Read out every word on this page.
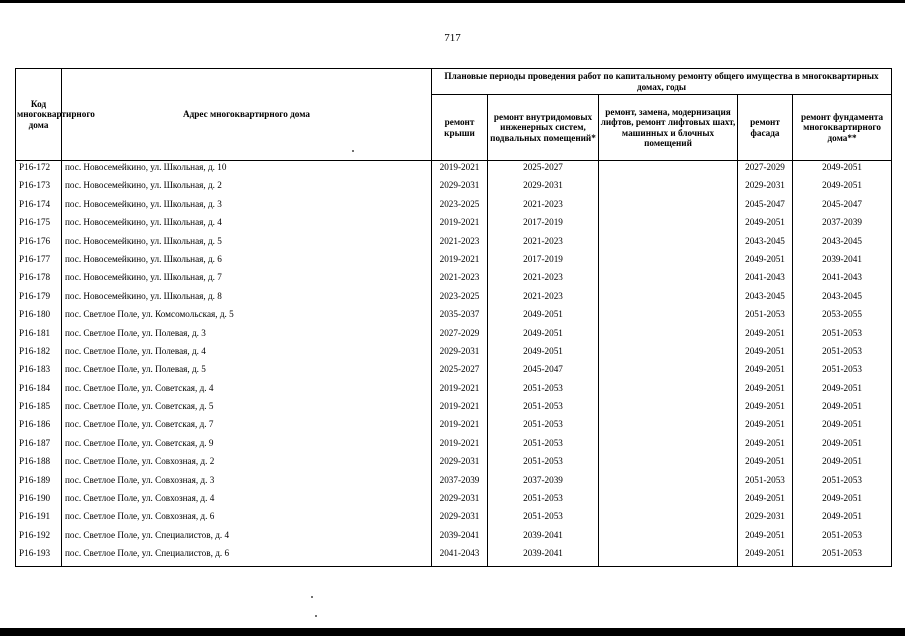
717
Код многоквартирного дома	Адрес многоквартирного дома	Плановые периоды проведения работ по капитальному ремонту общего имущества в многоквартирных домах, годы				
		ремонт крыши	ремонт внутридомовых инженерных систем, подвальных помещений*	ремонт, замена, модернизация лифтов, ремонт лифтовых шахт, машинных и блочных помещений	ремонт фасада	ремонт фундамента многоквартирного дома**
Р16-172	пос. Новосемейкино, ул. Школьная, д. 10	2019-2021	2025-2027		2027-2029	2049-2051
Р16-173	пос. Новосемейкино, ул. Школьная, д. 2	2029-2031	2029-2031		2029-2031	2049-2051
Р16-174	пос. Новосемейкино, ул. Школьная, д. 3	2023-2025	2021-2023		2045-2047	2045-2047
Р16-175	пос. Новосемейкино, ул. Школьная, д. 4	2019-2021	2017-2019		2049-2051	2037-2039
Р16-176	пос. Новосемейкино, ул. Школьная, д. 5	2021-2023	2021-2023		2043-2045	2043-2045
Р16-177	пос. Новосемейкино, ул. Школьная, д. 6	2019-2021	2017-2019		2049-2051	2039-2041
Р16-178	пос. Новосемейкино, ул. Школьная, д. 7	2021-2023	2021-2023		2041-2043	2041-2043
Р16-179	пос. Новосемейкино, ул. Школьная, д. 8	2023-2025	2021-2023		2043-2045	2043-2045
Р16-180	пос. Светлое Поле, ул. Комсомольская, д. 5	2035-2037	2049-2051		2051-2053	2053-2055
Р16-181	пос. Светлое Поле, ул. Полевая, д. 3	2027-2029	2049-2051		2049-2051	2051-2053
Р16-182	пос. Светлое Поле, ул. Полевая, д. 4	2029-2031	2049-2051		2049-2051	2051-2053
Р16-183	пос. Светлое Поле, ул. Полевая, д. 5	2025-2027	2045-2047		2049-2051	2051-2053
Р16-184	пос. Светлое Поле, ул. Советская, д. 4	2019-2021	2051-2053		2049-2051	2049-2051
Р16-185	пос. Светлое Поле, ул. Советская, д. 5	2019-2021	2051-2053		2049-2051	2049-2051
Р16-186	пос. Светлое Поле, ул. Советская, д. 7	2019-2021	2051-2053		2049-2051	2049-2051
Р16-187	пос. Светлое Поле, ул. Советская, д. 9	2019-2021	2051-2053		2049-2051	2049-2051
Р16-188	пос. Светлое Поле, ул. Совхозная, д. 2	2029-2031	2051-2053		2049-2051	2049-2051
Р16-189	пос. Светлое Поле, ул. Совхозная, д. 3	2037-2039	2037-2039		2051-2053	2051-2053
Р16-190	пос. Светлое Поле, ул. Совхозная, д. 4	2029-2031	2051-2053		2049-2051	2049-2051
Р16-191	пос. Светлое Поле, ул. Совхозная, д. 6	2029-2031	2051-2053		2029-2031	2049-2051
Р16-192	пос. Светлое Поле, ул. Специалистов, д. 4	2039-2041	2039-2041		2049-2051	2051-2053
Р16-193	пос. Светлое Поле, ул. Специалистов, д. 6	2041-2043	2039-2041		2049-2051	2051-2053
